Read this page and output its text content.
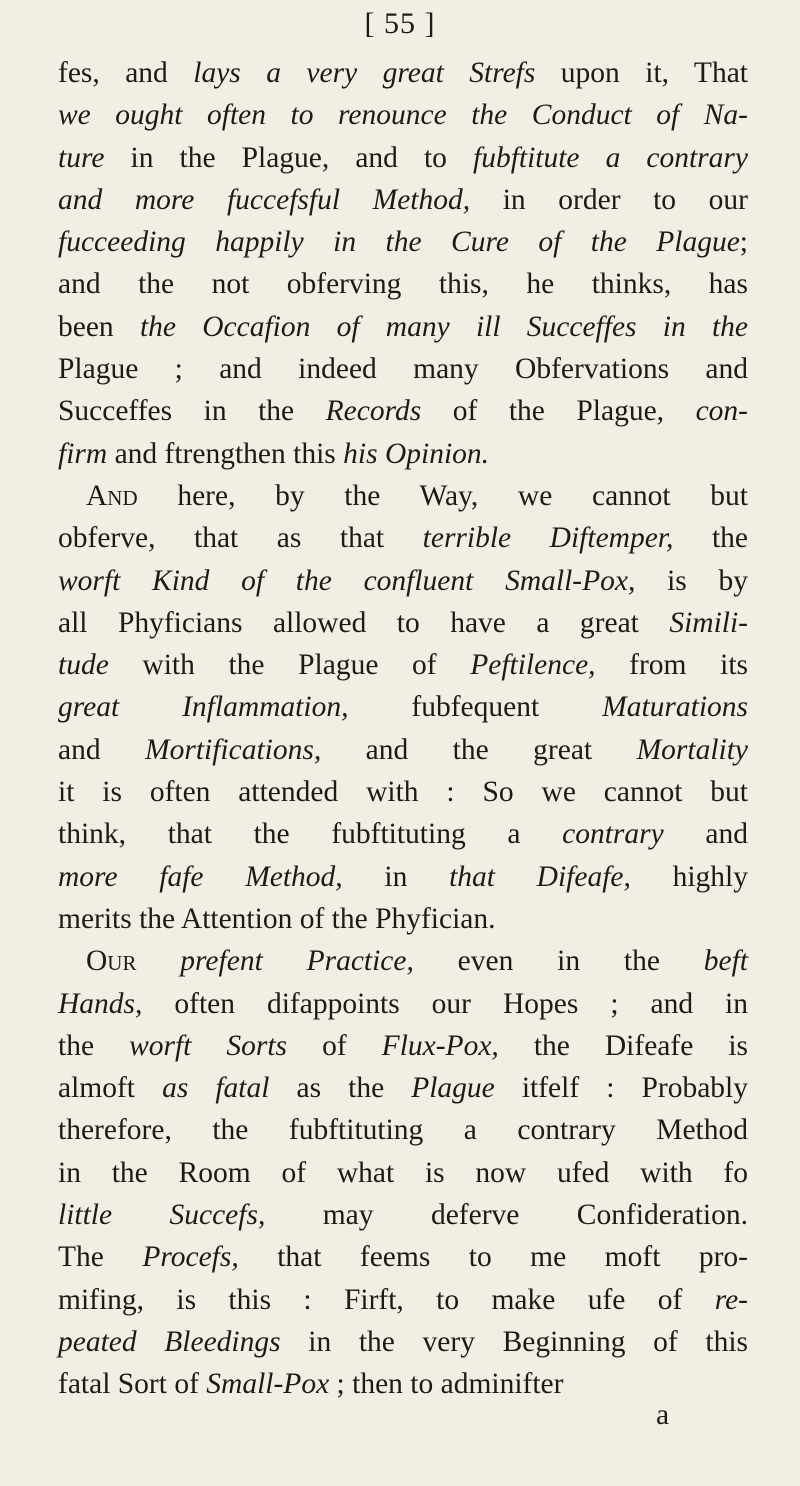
[ 55 ]
fes, and lays a very great Strefs upon it, That
we ought often to renounce the Conduct of Na-
ture in the Plague, and to fubftitute a contrary
and more fuccefsful Method, in order to our
fucceeding happily in the Cure of the Plague;
and the not obferving this, he thinks, has
been the Occafion of many ill Succeffes in the
Plague ; and indeed many Obfervations and
Succeffes in the Records of the Plague, con-
firm and ftrengthen this his Opinion.
And here, by the Way, we cannot but
obferve, that as that terrible Diftemper, the
worft Kind of the confluent Small-Pox, is by
all Phyficians allowed to have a great Simili-
tude with the Plague of Peftilence, from its
great Inflammation, fubfequent Maturations
and Mortifications, and the great Mortality
it is often attended with : So we cannot but
think, that the fubftituting a contrary and
more fafe Method, in that Difeafe, highly
merits the Attention of the Phyfician.
Our prefent Practice, even in the beft
Hands, often difappoints our Hopes ; and in
the worft Sorts of Flux-Pox, the Difeafe is
almoft as fatal as the Plague itfelf : Probably
therefore, the fubftituting a contrary Method
in the Room of what is now ufed with fo
little Succefs, may deferve Confideration.
The Procefs, that feems to me moft pro-
mifing, is this : Firft, to make ufe of re-
peated Bleedings in the very Beginning of this
fatal Sort of Small-Pox ; then to adminifter
a
